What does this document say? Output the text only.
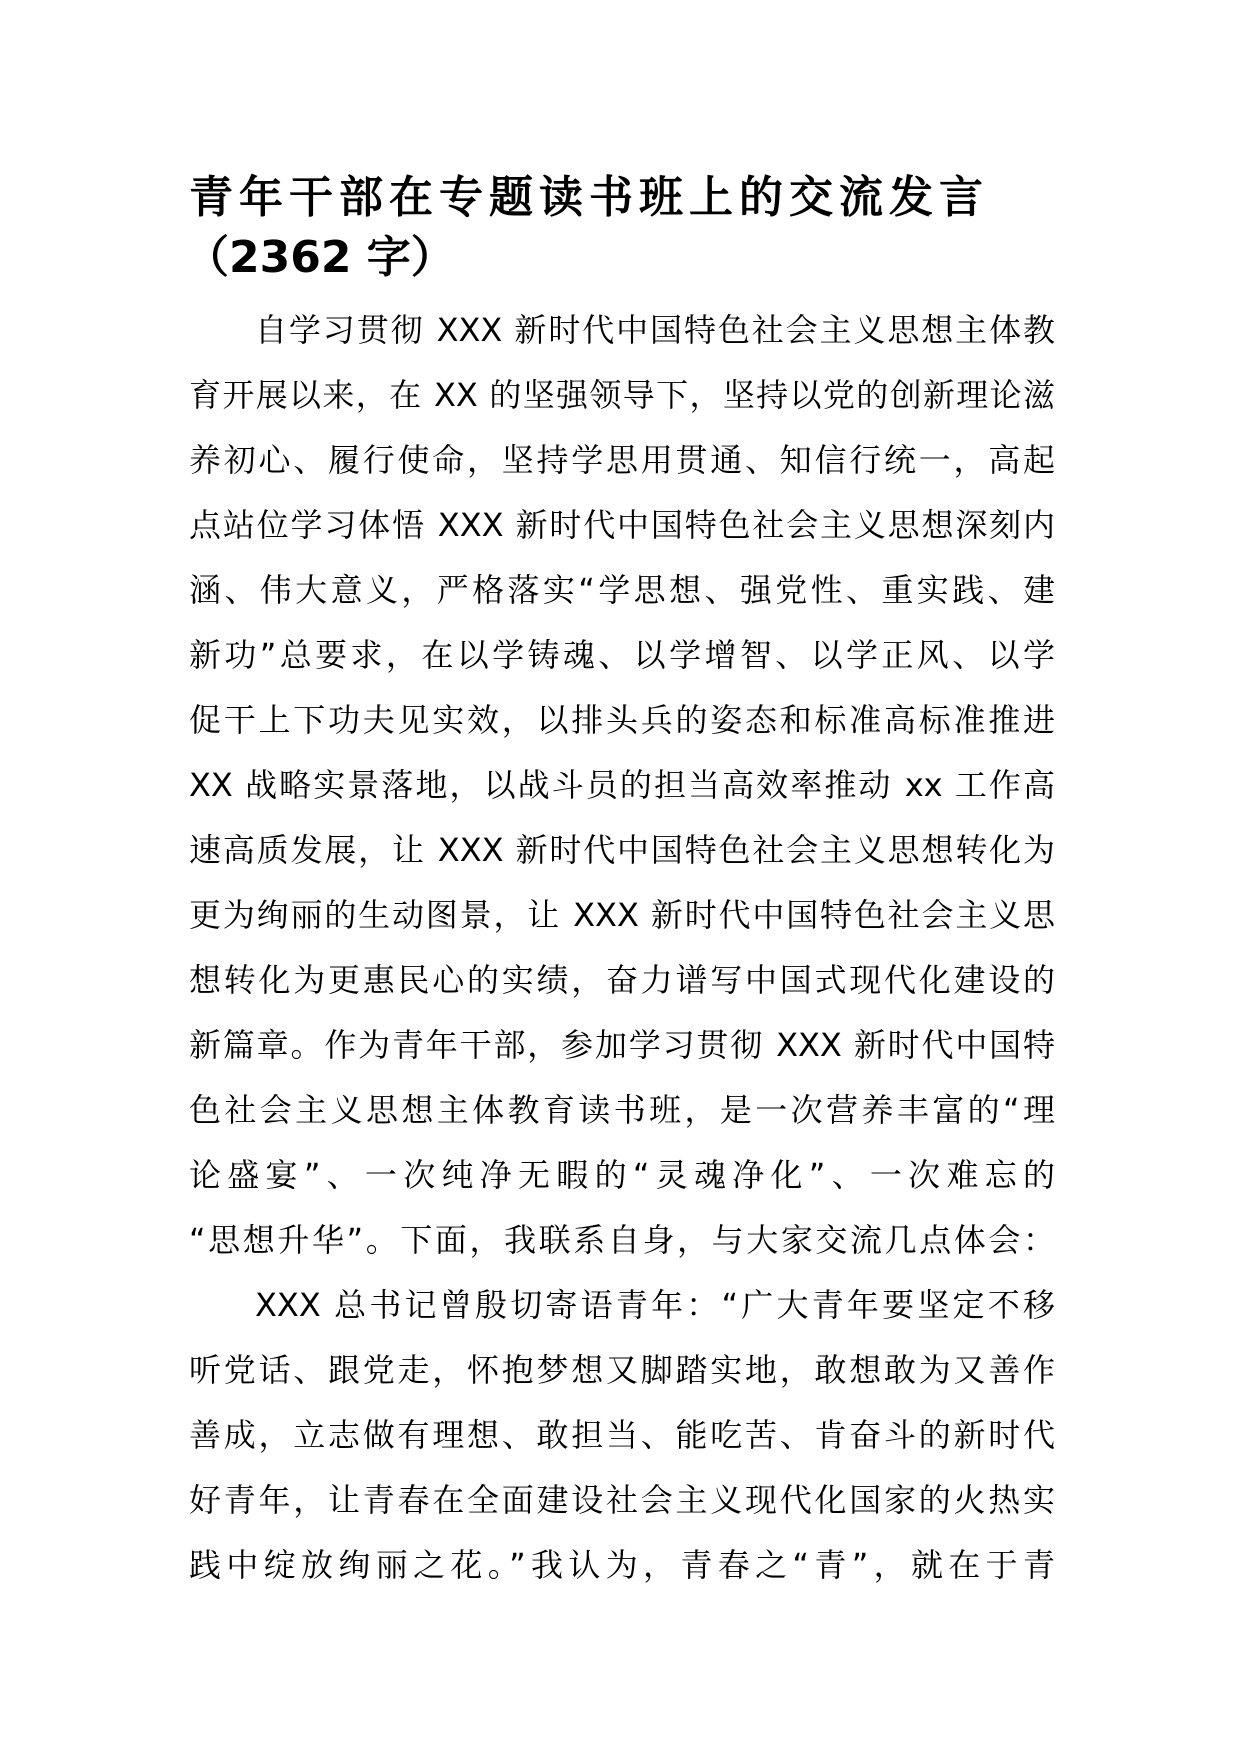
青年干部在专题读书班上的交流发言
（2362 字）
自学习贯彻 XXX 新时代中国特色社会主义思想主体教
育开展以来，在 XX 的坚强领导下，坚持以党的创新理论滋
养初心、履行使命，坚持学思用贯通、知信行统一，高起
点站位学习体悟 XXX 新时代中国特色社会主义思想深刻内
涵、伟大意义，严格落实“学思想、强党性、重实践、建
新功”总要求，在以学铸魂、以学增智、以学正风、以学
促干上下功夫见实效，以排头兵的姿态和标准高标准推进
XX 战略实景落地，以战斗员的担当高效率推动 xx 工作高
速高质发展，让 XXX 新时代中国特色社会主义思想转化为
更为绚丽的生动图景，让 XXX 新时代中国特色社会主义思
想转化为更惠民心的实绩，奋力谱写中国式现代化建设的
新篇章。作为青年干部，参加学习贯彻 XXX 新时代中国特
色社会主义思想主体教育读书班，是一次营养丰富的“理
论盛宴”、一次纯净无暇的“灵魂净化”、一次难忘的
“思想升华”。下面，我联系自身，与大家交流几点体会：
XXX 总书记曾殷切寄语青年：“广大青年要坚定不移
听党话、跟党走，怀抱梦想又脚踏实地，敢想敢为又善作
善成，立志做有理想、敢担当、能吃苦、肯奋斗的新时代
好青年，让青春在全面建设社会主义现代化国家的火热实
践中绽放绚丽之花。”我认为，青春之“青”，就在于青
